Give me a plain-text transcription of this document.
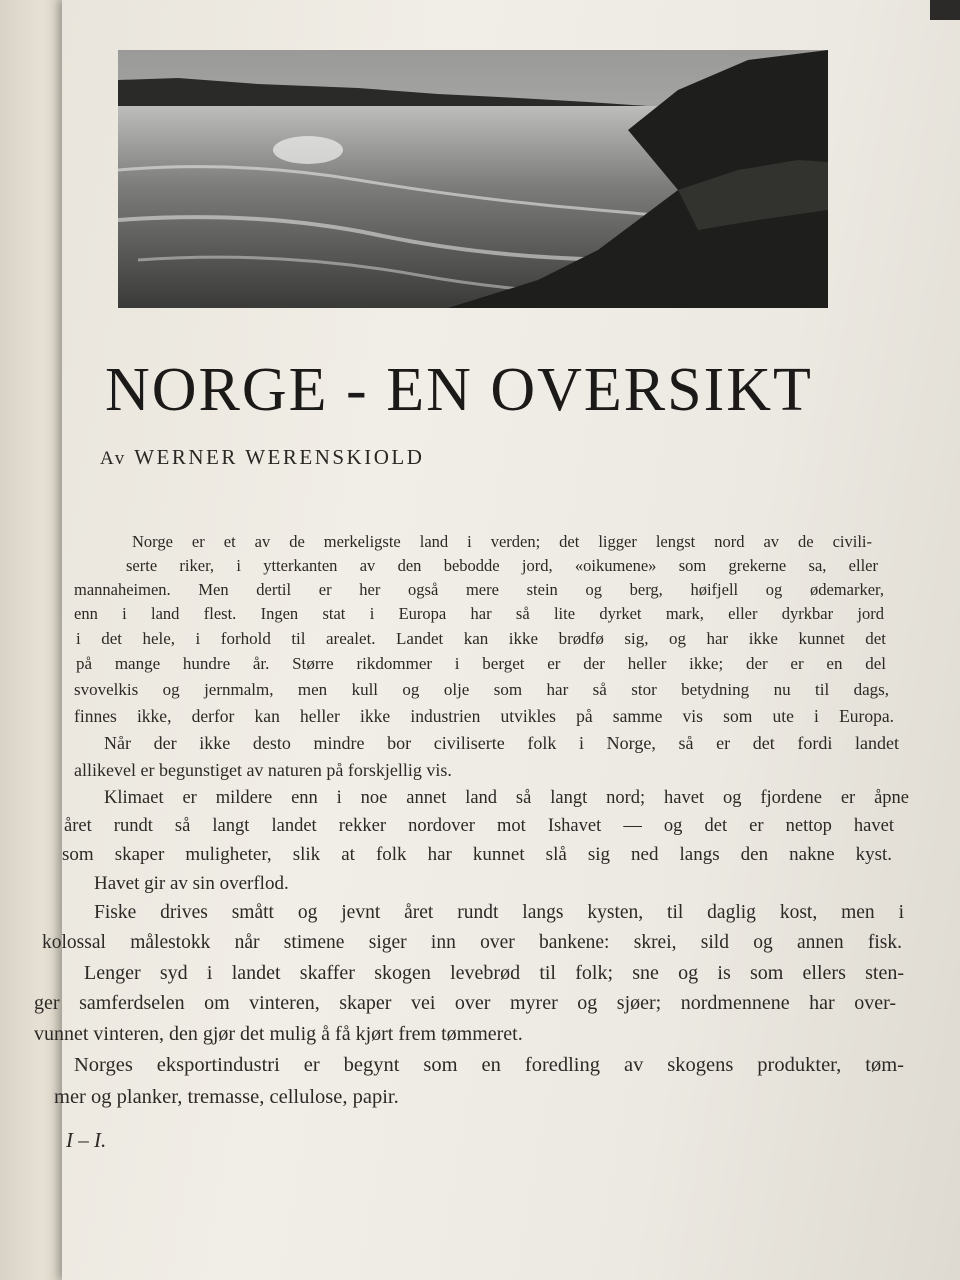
NORGE - EN OVERSIKT
Av WERNER WERENSKIOLD
Norge er et av de merkeligste land i verden; det ligger lengst nord av de civili-
serte riker, i ytterkanten av den bebodde jord, «oikumene» som grekerne sa, eller
mannaheimen. Men dertil er her også mere stein og berg, høifjell og ødemarker,
enn i land flest. Ingen stat i Europa har så lite dyrket mark, eller dyrkbar jord
i det hele, i forhold til arealet. Landet kan ikke brødfø sig, og har ikke kunnet det
på mange hundre år. Større rikdommer i berget er der heller ikke; der er en del
svovelkis og jernmalm, men kull og olje som har så stor betydning nu til dags,
finnes ikke, derfor kan heller ikke industrien utvikles på samme vis som ute i Europa.
Når der ikke desto mindre bor civiliserte folk i Norge, så er det fordi landet
allikevel er begunstiget av naturen på forskjellig vis.
Klimaet er mildere enn i noe annet land så langt nord; havet og fjordene er åpne
året rundt så langt landet rekker nordover mot Ishavet — og det er nettop havet
som skaper muligheter, slik at folk har kunnet slå sig ned langs den nakne kyst.
Havet gir av sin overflod.
Fiske drives smått og jevnt året rundt langs kysten, til daglig kost, men i
kolossal målestokk når stimene siger inn over bankene: skrei, sild og annen fisk.
Lenger syd i landet skaffer skogen levebrød til folk; sne og is som ellers sten-
ger samferdselen om vinteren, skaper vei over myrer og sjøer; nordmennene har over-
vunnet vinteren, den gjør det mulig å få kjørt frem tømmeret.
Norges eksportindustri er begynt som en foredling av skogens produkter, tøm-
mer og planker, tremasse, cellulose, papir.
I – I.
